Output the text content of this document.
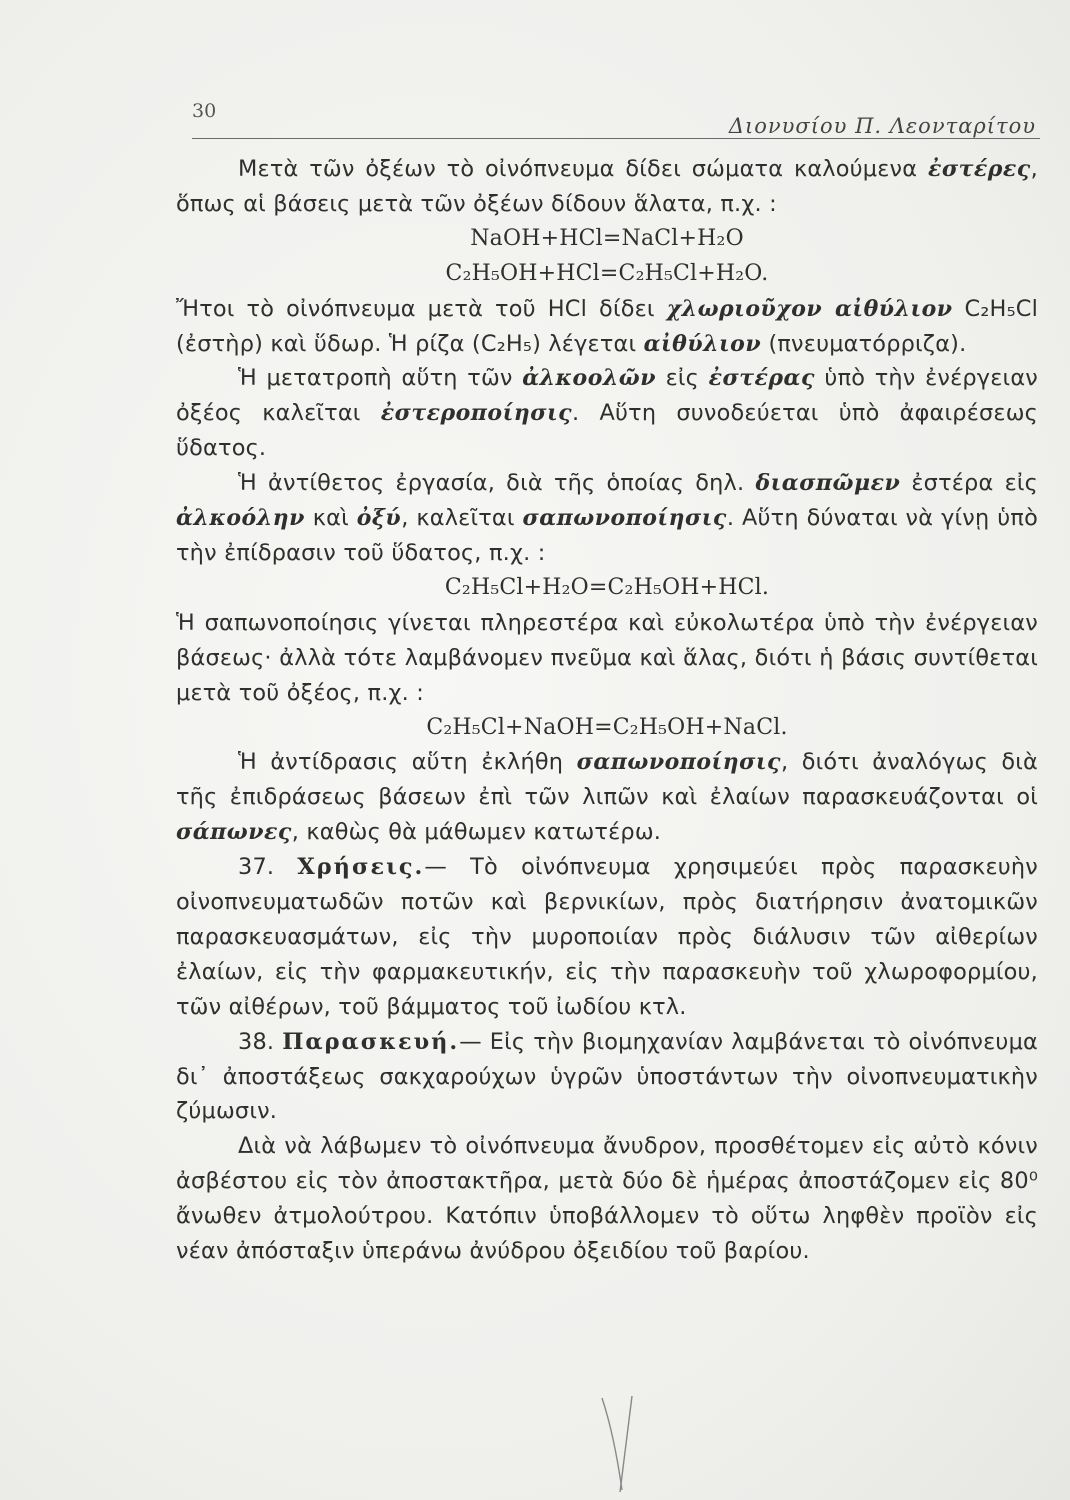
30
Διονυσίου Π. Λεονταρίτου

Μετὰ τῶν ὀξέων τὸ οἰνόπνευμα δίδει σώματα καλούμενα ἐστέρες, ὅπως αἱ βάσεις μετὰ τῶν ὀξέων δίδουν ἅλατα, π.χ. :

NaOH+HCl=NaCl+H₂O

C₂H₅OH+HCl=C₂H₅Cl+H₂O.

Ἤτοι τὸ οἰνόπνευμα μετὰ τοῦ HCl δίδει χλωριοῦχον αἰθύλιον C₂H₅Cl (ἐστὴρ) καὶ ὕδωρ. Ἡ ρίζα (C₂H₅) λέγεται αἰθύλιον (πνευματόρριζα).

Ἡ μετατροπὴ αὕτη τῶν ἀλκοολῶν εἰς ἐστέρας ὑπὸ τὴν ἐνέργειαν ὀξέος καλεῖται ἐστεροποίησις. Αὕτη συνοδεύεται ὑπὸ ἀφαιρέσεως ὕδατος.

Ἡ ἀντίθετος ἐργασία, διὰ τῆς ὁποίας δηλ. διασπῶμεν ἐστέρα εἰς ἀλκοόλην καὶ ὀξύ, καλεῖται σαπωνοποίησις. Αὕτη δύναται νὰ γίνῃ ὑπὸ τὴν ἐπίδρασιν τοῦ ὕδατος, π.χ. :

C₂H₅Cl+H₂O=C₂H₅OH+HCl.

Ἡ σαπωνοποίησις γίνεται πληρεστέρα καὶ εὐκολωτέρα ὑπὸ τὴν ἐνέργειαν βάσεως· ἀλλὰ τότε λαμβάνομεν πνεῦμα καὶ ἅλας, διότι ἡ βάσις συντίθεται μετὰ τοῦ ὀξέος, π.χ. :

C₂H₅Cl+NaOH=C₂H₅OH+NaCl.

Ἡ ἀντίδρασις αὕτη ἐκλήθη σαπωνοποίησις, διότι ἀναλόγως διὰ τῆς ἐπιδράσεως βάσεων ἐπὶ τῶν λιπῶν καὶ ἐλαίων παρασκευάζονται οἱ σάπωνες, καθὼς θὰ μάθωμεν κατωτέρω.

37. Χρήσεις.— Τὸ οἰνόπνευμα χρησιμεύει πρὸς παρασκευὴν οἰνοπνευματωδῶν ποτῶν καὶ βερνικίων, πρὸς διατήρησιν ἀνατομικῶν παρασκευασμάτων, εἰς τὴν μυροποιίαν πρὸς διάλυσιν τῶν αἰθερίων ἐλαίων, εἰς τὴν φαρμακευτικήν, εἰς τὴν παρασκευὴν τοῦ χλωροφορμίου, τῶν αἰθέρων, τοῦ βάμματος τοῦ ἰωδίου κτλ.

38. Παρασκευή.— Εἰς τὴν βιομηχανίαν λαμβάνεται τὸ οἰνόπνευμα δι᾽ ἀποστάξεως σακχαρούχων ὑγρῶν ὑποστάντων τὴν οἰνοπνευματικὴν ζύμωσιν.

Διὰ νὰ λάβωμεν τὸ οἰνόπνευμα ἄνυδρον, προσθέτομεν εἰς αὐτὸ κόνιν ἀσβέστου εἰς τὸν ἀποστακτῆρα, μετὰ δύο δὲ ἡμέρας ἀποστάζομεν εἰς 80⁰ ἄνωθεν ἀτμολούτρου. Κατόπιν ὑποβάλλομεν τὸ οὕτω ληφθὲν προϊὸν εἰς νέαν ἀπόσταξιν ὑπεράνω ἀνύδρου ὀξειδίου τοῦ βαρίου.
